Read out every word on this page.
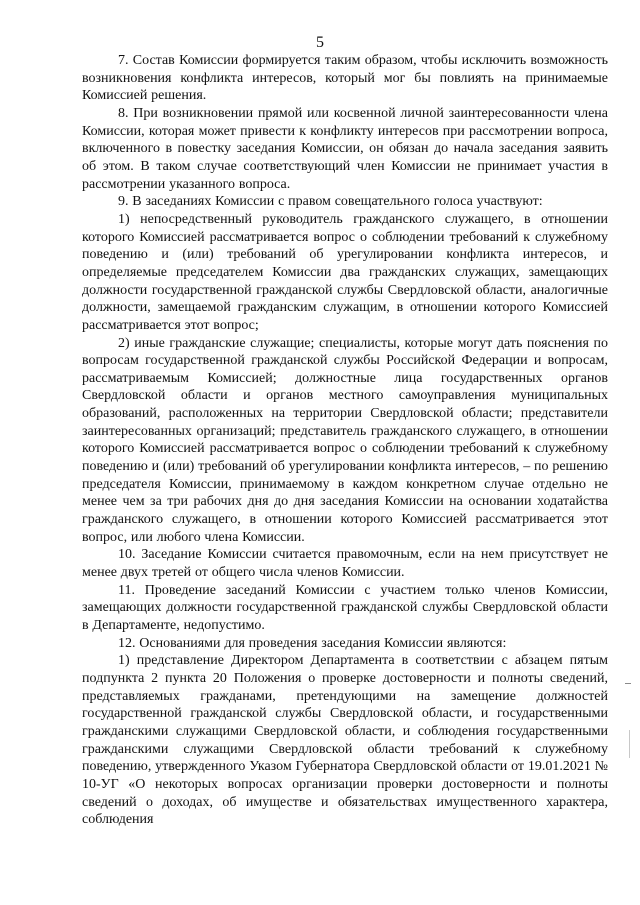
5

7. Состав Комиссии формируется таким образом, чтобы исключить возможность возникновения конфликта интересов, который мог бы повлиять на принимаемые Комиссией решения.

8. При возникновении прямой или косвенной личной заинтересованности члена Комиссии, которая может привести к конфликту интересов при рассмотрении вопроса, включенного в повестку заседания Комиссии, он обязан до начала заседания заявить об этом. В таком случае соответствующий член Комиссии не принимает участия в рассмотрении указанного вопроса.

9. В заседаниях Комиссии с правом совещательного голоса участвуют:

1) непосредственный руководитель гражданского служащего, в отношении которого Комиссией рассматривается вопрос о соблюдении требований к служебному поведению и (или) требований об урегулировании конфликта интересов, и определяемые председателем Комиссии два гражданских служащих, замещающих должности государственной гражданской службы Свердловской области, аналогичные должности, замещаемой гражданским служащим, в отношении которого Комиссией рассматривается этот вопрос;

2) иные гражданские служащие; специалисты, которые могут дать пояснения по вопросам государственной гражданской службы Российской Федерации и вопросам, рассматриваемым Комиссией; должностные лица государственных органов Свердловской области и органов местного самоуправления муниципальных образований, расположенных на территории Свердловской области; представители заинтересованных организаций; представитель гражданского служащего, в отношении которого Комиссией рассматривается вопрос о соблюдении требований к служебному поведению и (или) требований об урегулировании конфликта интересов, – по решению председателя Комиссии, принимаемому в каждом конкретном случае отдельно не менее чем за три рабочих дня до дня заседания Комиссии на основании ходатайства гражданского служащего, в отношении которого Комиссией рассматривается этот вопрос, или любого члена Комиссии.

10. Заседание Комиссии считается правомочным, если на нем присутствует не менее двух третей от общего числа членов Комиссии.

11. Проведение заседаний Комиссии с участием только членов Комиссии, замещающих должности государственной гражданской службы Свердловской области в Департаменте, недопустимо.

12. Основаниями для проведения заседания Комиссии являются:

1) представление Директором Департамента в соответствии с абзацем пятым подпункта 2 пункта 20 Положения о проверке достоверности и полноты сведений, представляемых гражданами, претендующими на замещение должностей государственной гражданской службы Свердловской области, и государственными гражданскими служащими Свердловской области, и соблюдения государственными гражданскими служащими Свердловской области требований к служебному поведению, утвержденного Указом Губернатора Свердловской области от 19.01.2021 № 10-УГ «О некоторых вопросах организации проверки достоверности и полноты сведений о доходах, об имуществе и обязательствах имущественного характера, соблюдения
